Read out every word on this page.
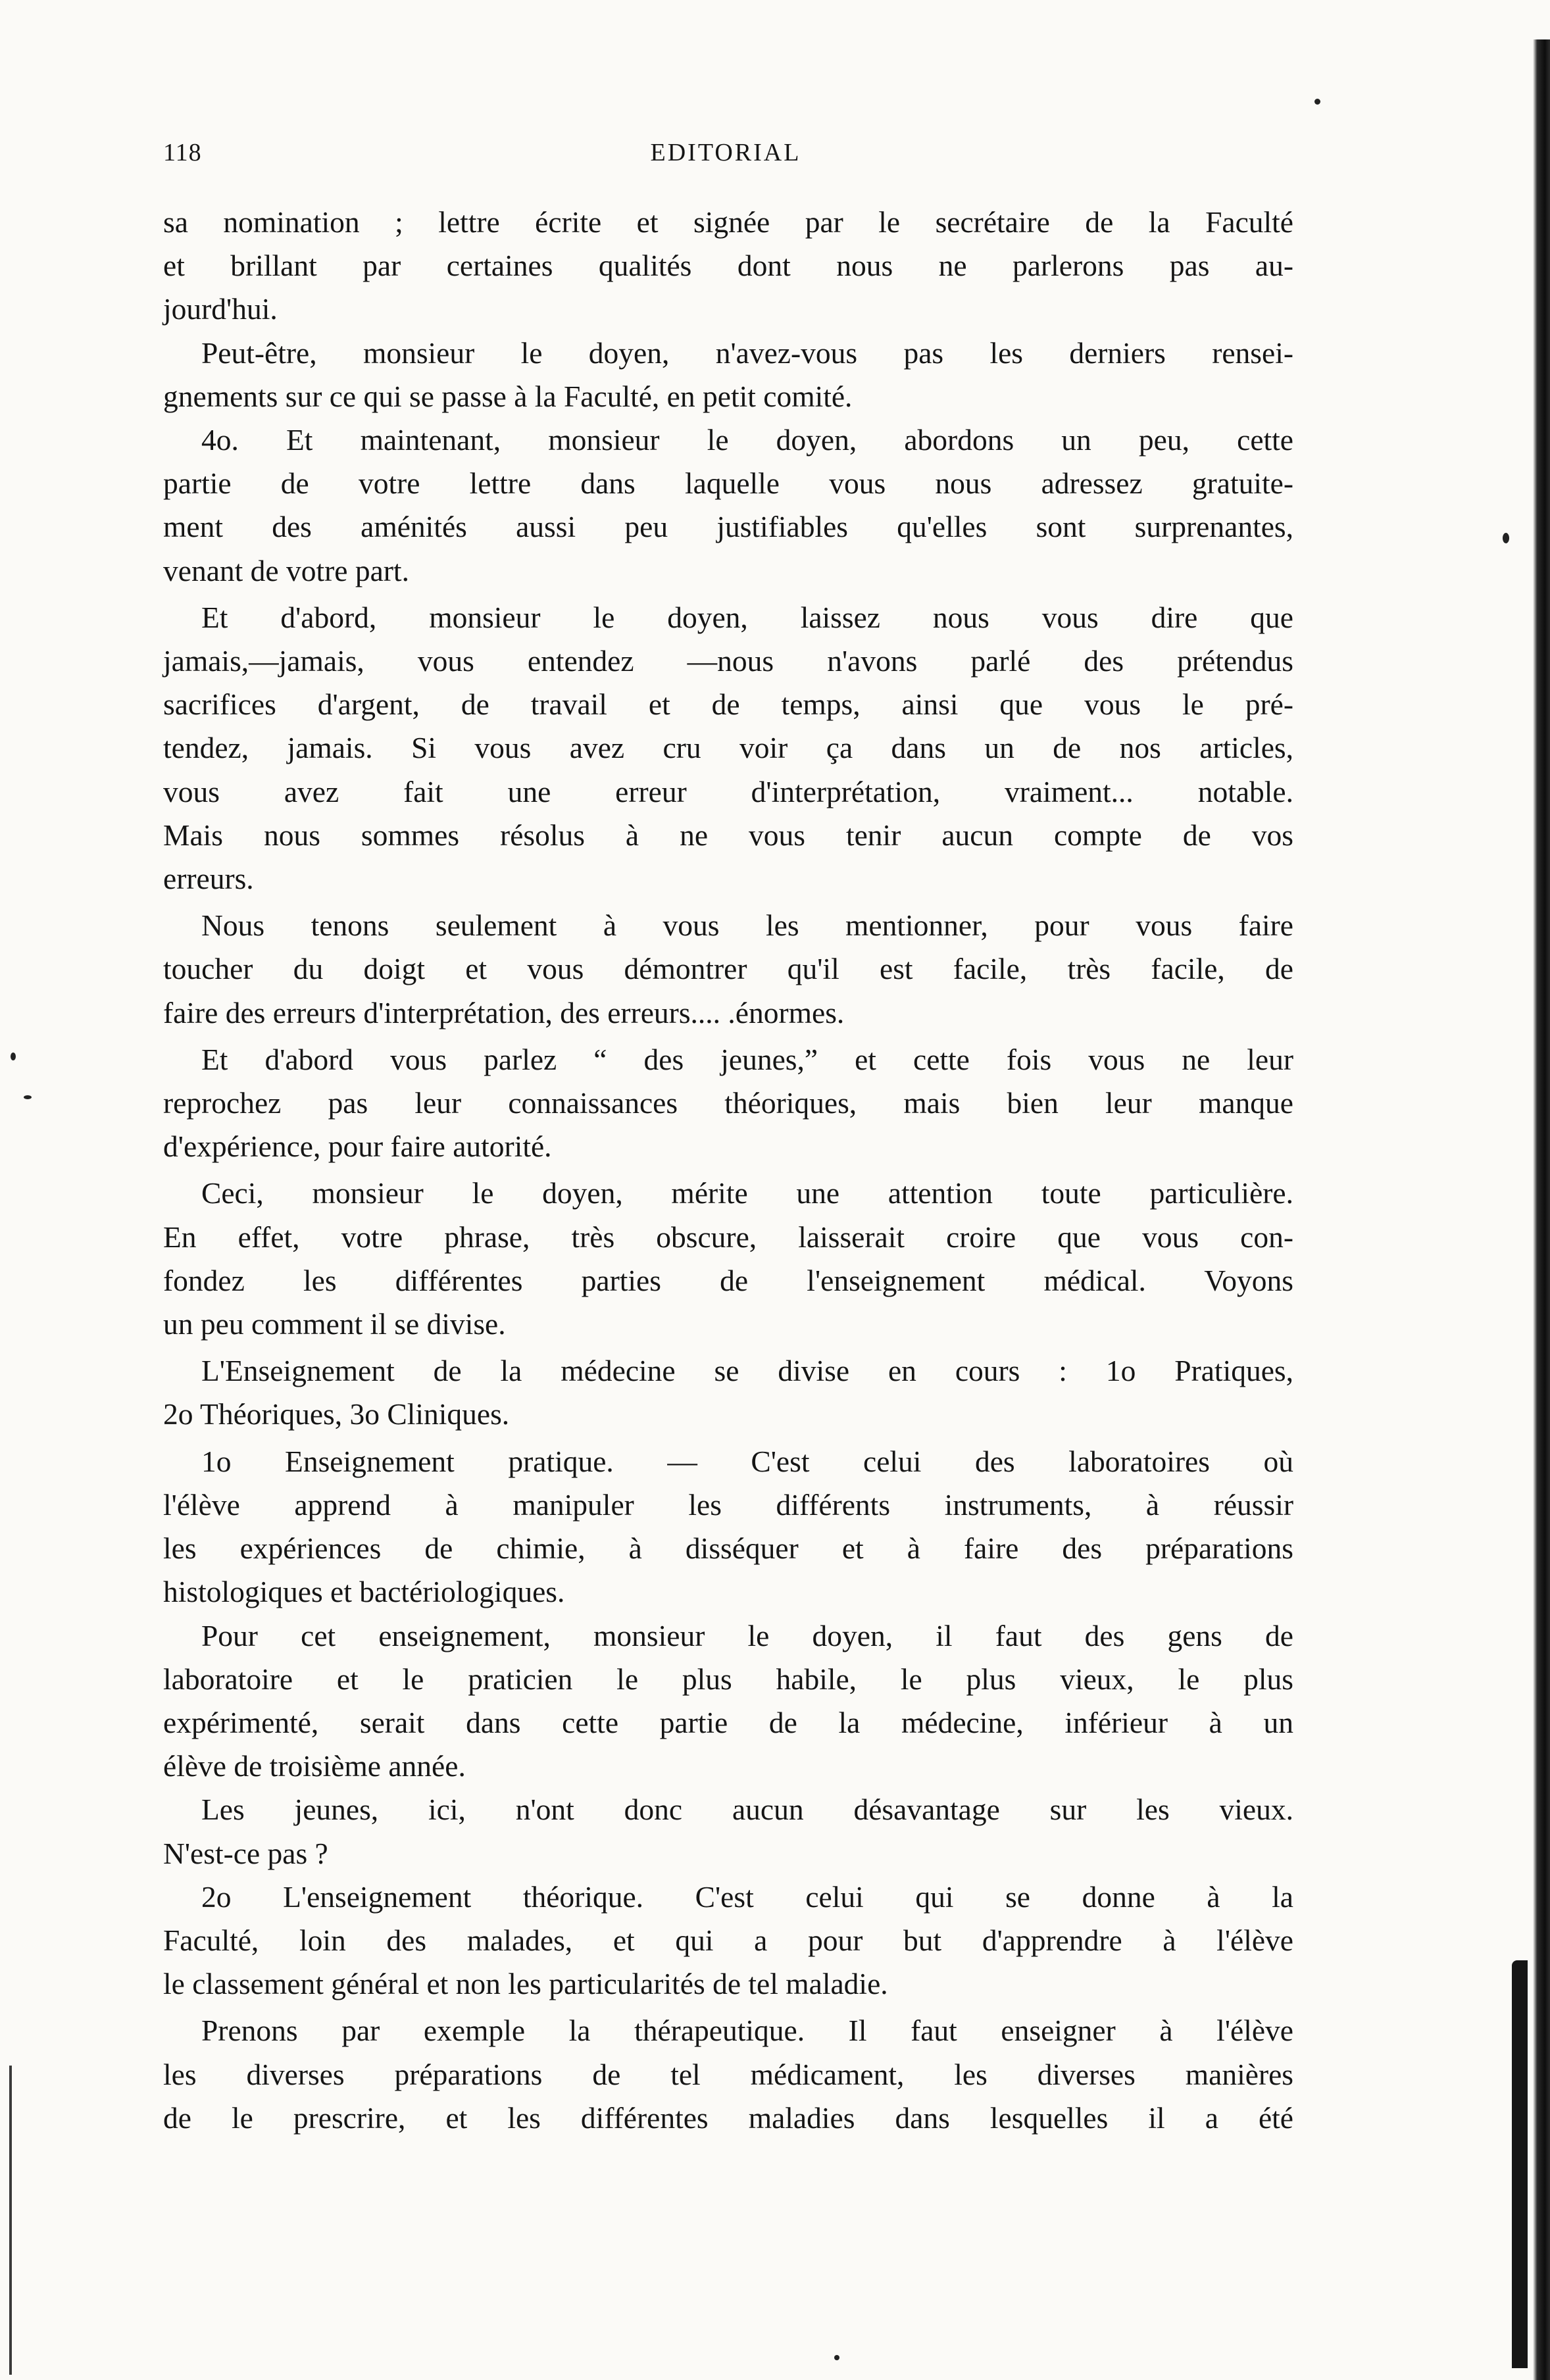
118	EDITORIAL

sa nomination ; lettre écrite et signée par le secrétaire de la Faculté

et brillant par certaines qualités dont nous ne parlerons pas au-

jourd'hui.

Peut-être, monsieur le doyen, n'avez-vous pas les derniers rensei-

gnements sur ce qui se passe à la Faculté, en petit comité.

4o. Et maintenant, monsieur le doyen, abordons un peu, cette

partie de votre lettre dans laquelle vous nous adressez gratuite-

ment des aménités aussi peu justifiables qu'elles sont surprenantes,

venant de votre part.

Et d'abord, monsieur le doyen, laissez nous vous dire que

jamais,—jamais, vous entendez —nous n'avons parlé des prétendus

sacrifices d'argent, de travail et de temps, ainsi que vous le pré-

tendez, jamais. Si vous avez cru voir ça dans un de nos articles,

vous avez fait une erreur d'interprétation, vraiment... notable.

Mais nous sommes résolus à ne vous tenir aucun compte de vos

erreurs.

Nous tenons seulement à vous les mentionner, pour vous faire

toucher du doigt et vous démontrer qu'il est facile, très facile, de

faire des erreurs d'interprétation, des erreurs.... .énormes.

Et d'abord vous parlez “ des jeunes,” et cette fois vous ne leur

reprochez pas leur connaissances théoriques, mais bien leur manque

d'expérience, pour faire autorité.

Ceci, monsieur le doyen, mérite une attention toute particulière.

En effet, votre phrase, très obscure, laisserait croire que vous con-

fondez les différentes parties de l'enseignement médical. Voyons

un peu comment il se divise.

L'Enseignement de la médecine se divise en cours : 1o Pratiques,

2o Théoriques, 3o Cliniques.

1o Enseignement pratique. — C'est celui des laboratoires où

l'élève apprend à manipuler les différents instruments, à réussir

les expériences de chimie, à disséquer et à faire des préparations

histologiques et bactériologiques.

Pour cet enseignement, monsieur le doyen, il faut des gens de

laboratoire et le praticien le plus habile, le plus vieux, le plus

expérimenté, serait dans cette partie de la médecine, inférieur à un

élève de troisième année.

Les jeunes, ici, n'ont donc aucun désavantage sur les vieux.

N'est-ce pas ?

2o L'enseignement théorique. C'est celui qui se donne à la

Faculté, loin des malades, et qui a pour but d'apprendre à l'élève

le classement général et non les particularités de tel maladie.

Prenons par exemple la thérapeutique. Il faut enseigner à l'élève

les diverses préparations de tel médicament, les diverses manières

de le prescrire, et les différentes maladies dans lesquelles il a été
